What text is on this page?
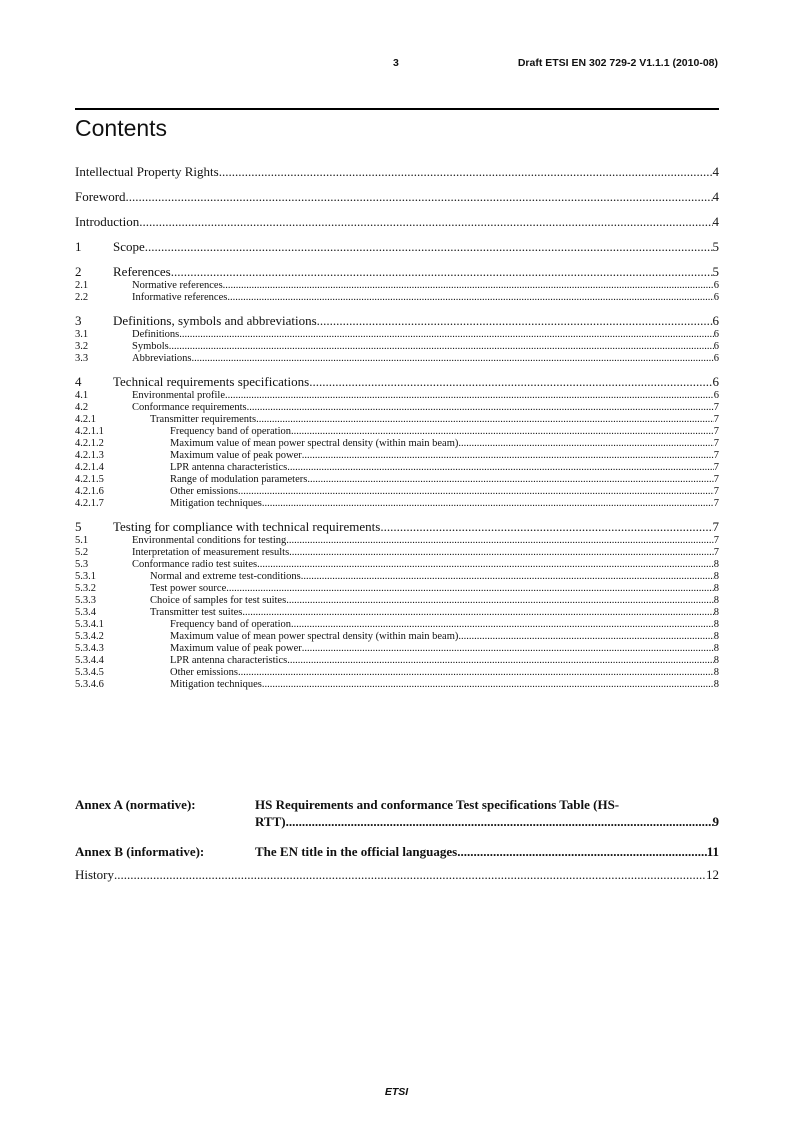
3	Draft ETSI EN 302 729-2 V1.1.1 (2010-08)
Contents
Intellectual Property Rights .....	4
Foreword .....	4
Introduction .....	4
1	Scope .....	5
2	References .....	5
2.1	Normative references .....	6
2.2	Informative references .....	6
3	Definitions, symbols and abbreviations .....	6
3.1	Definitions .....	6
3.2	Symbols .....	6
3.3	Abbreviations .....	6
4	Technical requirements specifications .....	6
4.1	Environmental profile .....	6
4.2	Conformance requirements .....	7
4.2.1	Transmitter requirements .....	7
4.2.1.1	Frequency band of operation .....	7
4.2.1.2	Maximum value of mean power spectral density (within main beam) .....	7
4.2.1.3	Maximum value of peak power .....	7
4.2.1.4	LPR antenna characteristics .....	7
4.2.1.5	Range of modulation parameters .....	7
4.2.1.6	Other emissions .....	7
4.2.1.7	Mitigation techniques .....	7
5	Testing for compliance with technical requirements .....	7
5.1	Environmental conditions for testing .....	7
5.2	Interpretation of measurement results .....	7
5.3	Conformance radio test suites .....	8
5.3.1	Normal and extreme test-conditions .....	8
5.3.2	Test power source .....	8
5.3.3	Choice of samples for test suites .....	8
5.3.4	Transmitter test suites .....	8
5.3.4.1	Frequency band of operation .....	8
5.3.4.2	Maximum value of mean power spectral density (within main beam) .....	8
5.3.4.3	Maximum value of peak power .....	8
5.3.4.4	LPR antenna characteristics .....	8
5.3.4.5	Other emissions .....	8
5.3.4.6	Mitigation techniques .....	8
Annex A (normative):	HS Requirements and conformance Test specifications Table (HS-
RTT) .....	9
Annex B (informative):	The EN title in the official languages .....	11
History .....	12
ETSI
